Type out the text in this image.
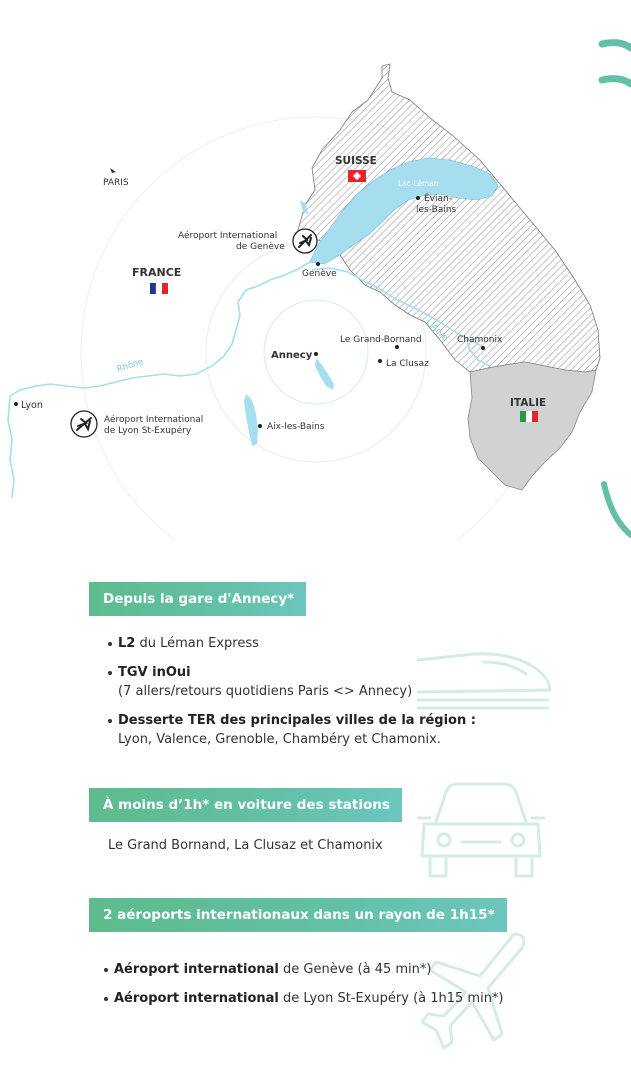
SUISSE
FRANCE
ITALIE
PARIS
Lyon
Genève
Évian-
les-Bains
Annecy
Le Grand-Bornand
La Clusaz
Chamonix
Aix-les-Bains
Lac Léman
Rhône
L'Arve
Aéroport International
de Genève
Aéroport International
de Lyon St-Exupéry
Depuis la gare d'Annecy*
L2 du Léman Express
TGV inOui
(7 allers/retours quotidiens Paris <> Annecy)
Desserte TER des principales villes de la région :
Lyon, Valence, Grenoble, Chambéry et Chamonix.
À moins d’1h* en voiture des stations
Le Grand Bornand, La Clusaz et Chamonix
2 aéroports internationaux dans un rayon de 1h15*
Aéroport international de Genève (à 45 min*)
Aéroport international de Lyon St-Exupéry (à 1h15 min*)
